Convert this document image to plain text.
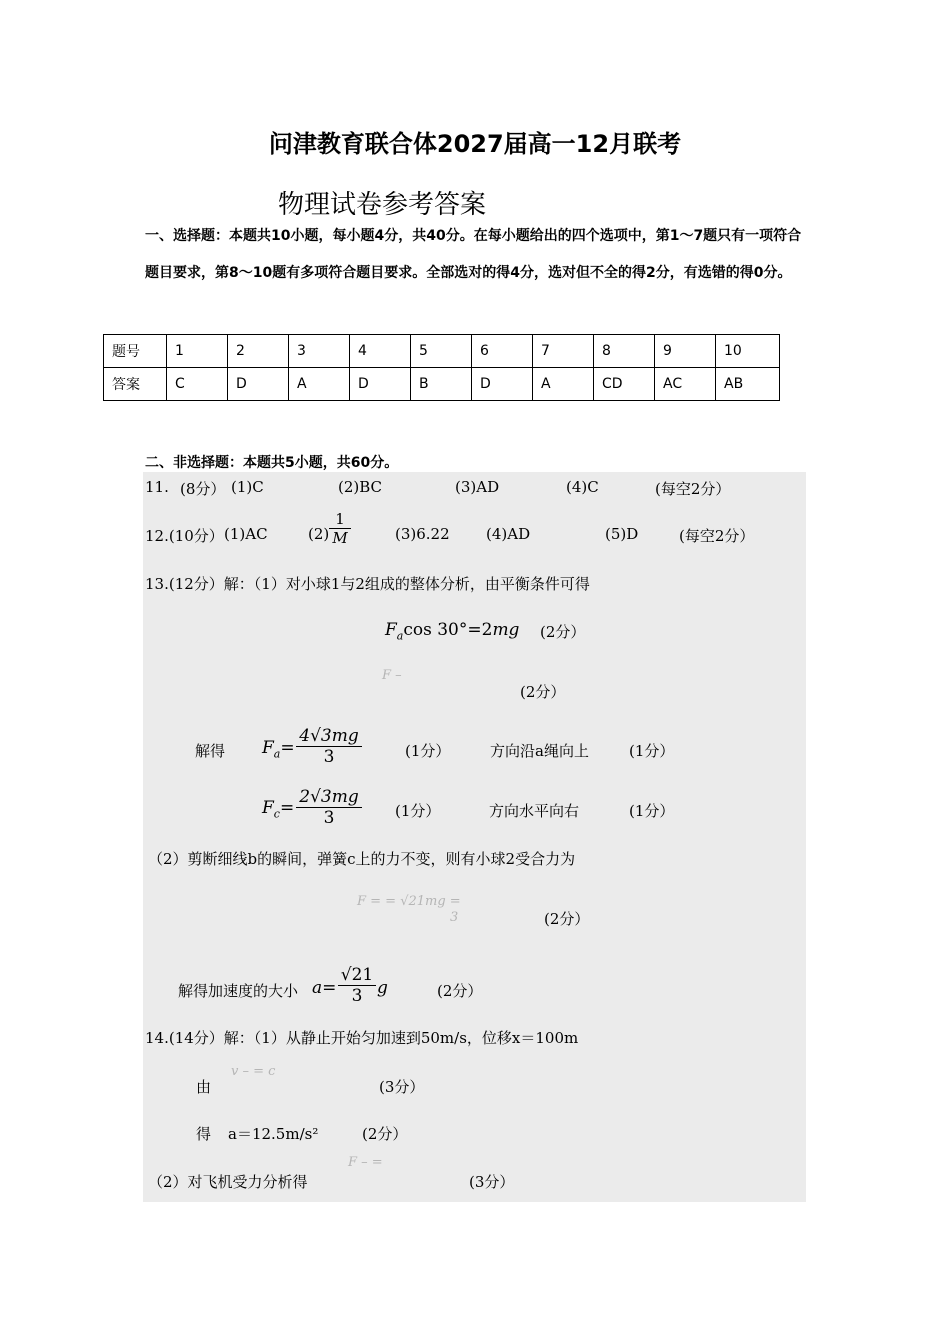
问津教育联合体2027届高一12月联考
物理试卷参考答案
一、选择题：本题共10小题，每小题4分，共40分。在每小题给出的四个选项中，第1～7题只有一项符合题目要求，第8～10题有多项符合题目要求。全部选对的得4分，选对但不全的得2分，有选错的得0分。
题号	1	2	3	4	5	6	7	8	9	10
答案	C	D	A	D	B	D	A	CD	AC	AB
二、非选择题：本题共5小题，共60分。
11. (8分） (1)C	(2)BC	(3)AD	(4)C	(每空2分）
12.(10分） (1)AC	$(2) \frac{1}{M}$	(3)6.22 (4)AD	(5)D	(每空2分）
13.(12分）解：（1）对小球1与2组成的整体分析，由平衡条件可得
$F_a\cos$ 30°=2mg (2分）
F –
(2分）
解得 $F_a= \frac{4√3mg}{3}$	(1分）	方向沿a绳向上	(1分）
$F_c= \frac{2√3mg}{3} (1$分）	方向水平向右	(1分）
（2）剪断细线b的瞬间，弹簧c上的力不变，则有小球2受合力为
F = = √21mg =
3	(2分）
解得加速度的大小 $a= \frac{√21}{3}$ g	(2分）
14.(14分）解：（1）从静止开始匀加速到50m/s，位移x＝100m
由
v – = c
(3分）
得 a＝12.5m/s²	(2分）
（2）对飞机受力分析得
F – =
(3分）
